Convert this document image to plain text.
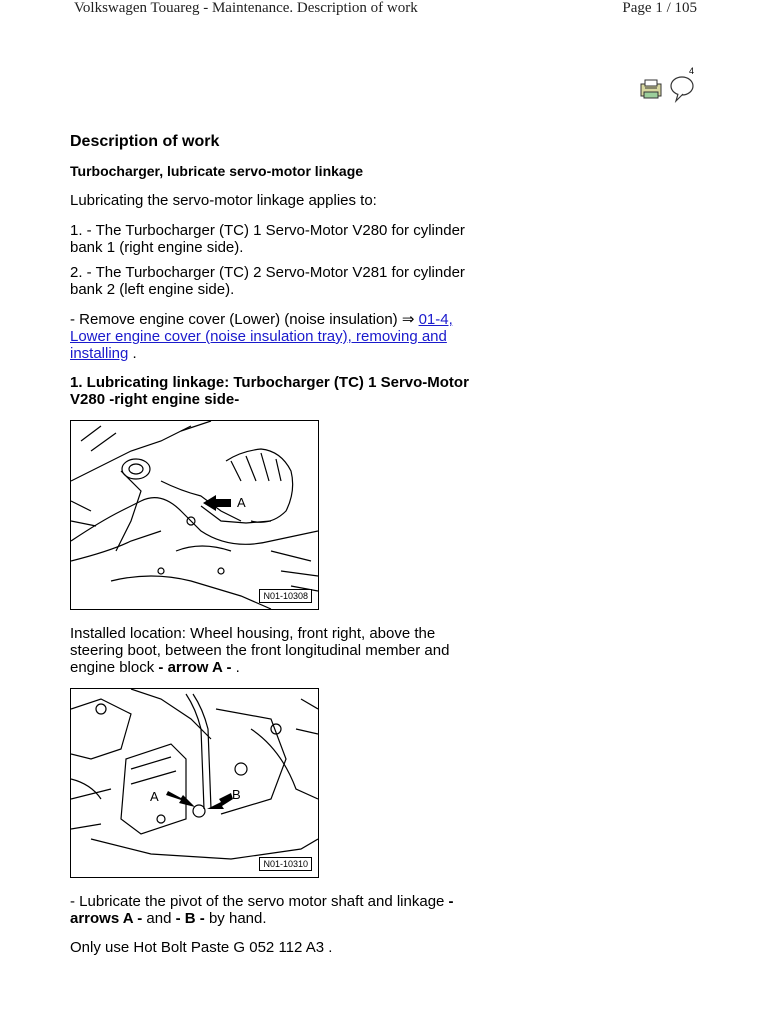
Volkswagen Touareg - Maintenance. Description of work	Page 1 / 105
4
Description of work
Turbocharger, lubricate servo-motor linkage
Lubricating the servo-motor linkage applies to:
1. - The Turbocharger (TC) 1 Servo-Motor V280 for cylinder bank 1 (right engine side).
2. - The Turbocharger (TC) 2 Servo-Motor V281 for cylinder bank 2 (left engine side).
- Remove engine cover (Lower) (noise insulation) ⇒ 01-4, Lower engine cover (noise insulation tray), removing and installing .
1. Lubricating linkage: Turbocharger (TC) 1 Servo-Motor V280 -right engine side-
A
N01-10308
Installed location: Wheel housing, front right, above the steering boot, between the front longitudinal member and engine block - arrow A - .
A	B
N01-10310
- Lubricate the pivot of the servo motor shaft and linkage - arrows A - and - B - by hand.
Only use Hot Bolt Paste G 052 112 A3 .
